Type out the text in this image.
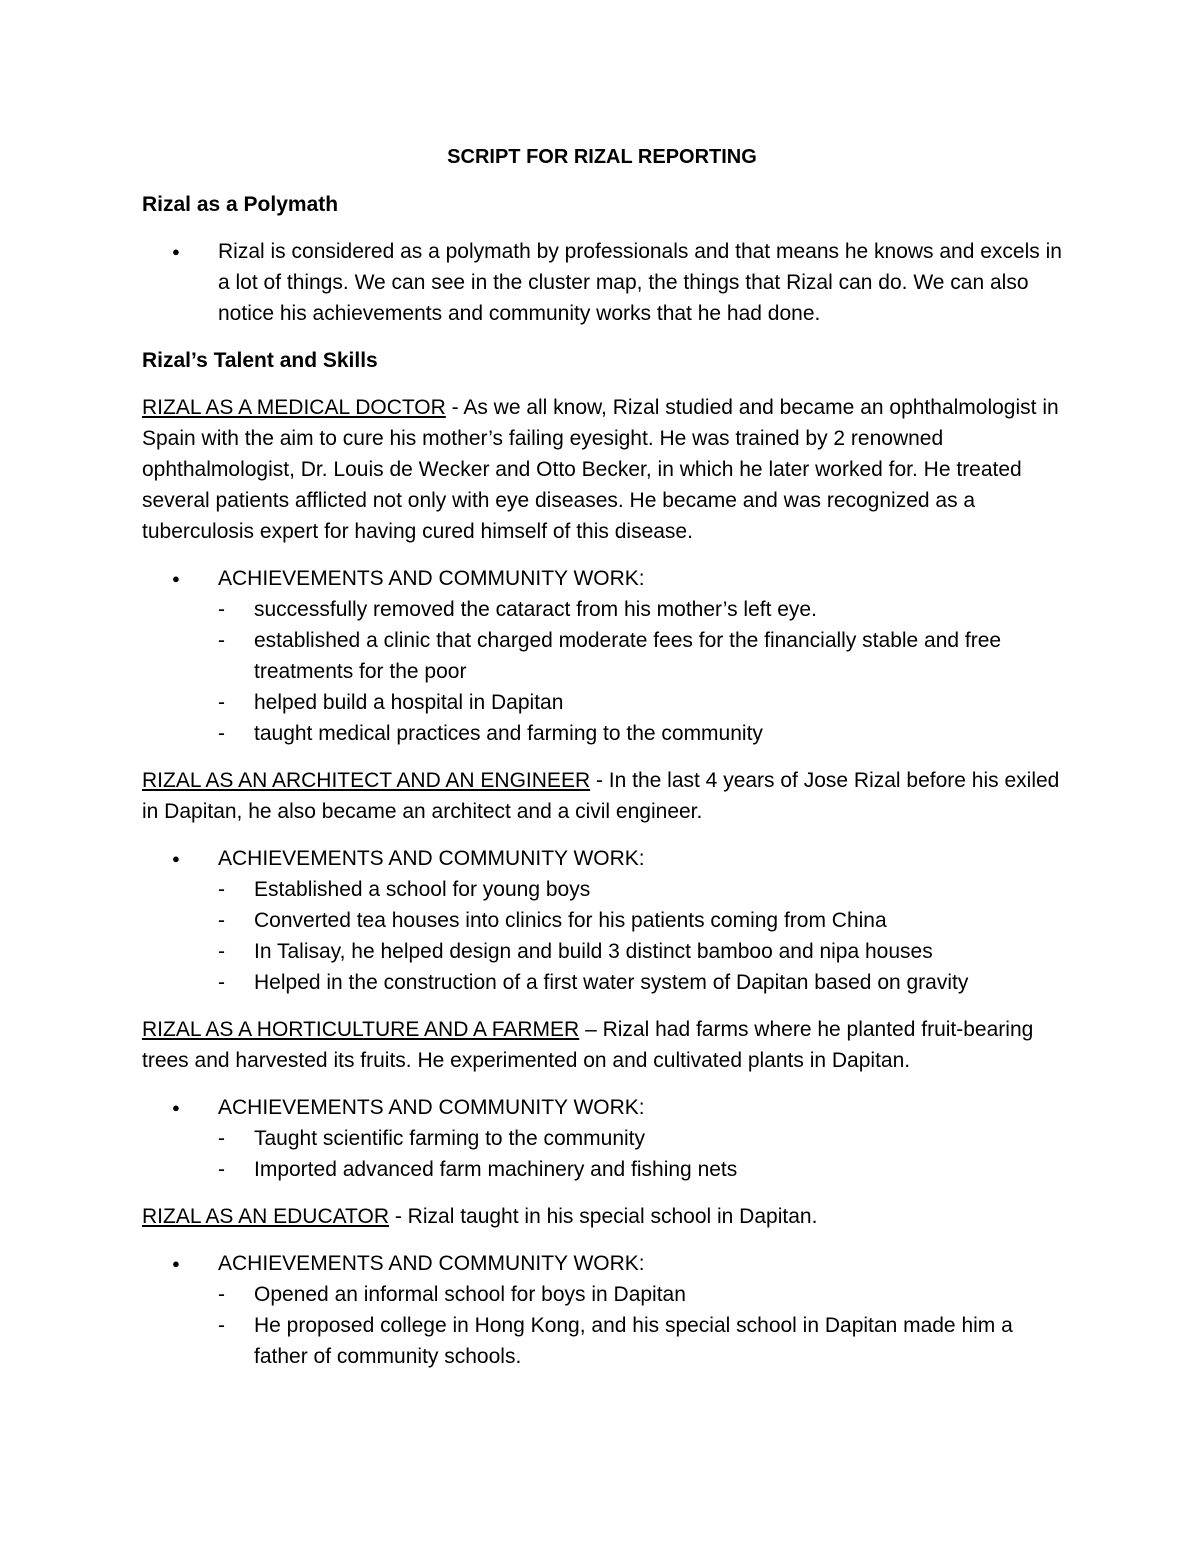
SCRIPT FOR RIZAL REPORTING
Rizal as a Polymath
● Rizal is considered as a polymath by professionals and that means he knows and excels in a lot of things. We can see in the cluster map, the things that Rizal can do. We can also notice his achievements and community works that he had done.
Rizal’s Talent and Skills

RIZAL AS A MEDICAL DOCTOR - As we all know, Rizal studied and became an ophthalmologist in Spain with the aim to cure his mother’s failing eyesight. He was trained by 2 renowned ophthalmologist, Dr. Louis de Wecker and Otto Becker, in which he later worked for. He treated several patients afflicted not only with eye diseases. He became and was recognized as a tuberculosis expert for having cured himself of this disease.

● ACHIEVEMENTS AND COMMUNITY WORK:
- successfully removed the cataract from his mother’s left eye.
- established a clinic that charged moderate fees for the financially stable and free treatments for the poor
- helped build a hospital in Dapitan
- taught medical practices and farming to the community

RIZAL AS AN ARCHITECT AND AN ENGINEER - In the last 4 years of Jose Rizal before his exiled in Dapitan, he also became an architect and a civil engineer.

● ACHIEVEMENTS AND COMMUNITY WORK:
- Established a school for young boys
- Converted tea houses into clinics for his patients coming from China
- In Talisay, he helped design and build 3 distinct bamboo and nipa houses
- Helped in the construction of a first water system of Dapitan based on gravity

RIZAL AS A HORTICULTURE AND A FARMER – Rizal had farms where he planted fruit-bearing trees and harvested its fruits. He experimented on and cultivated plants in Dapitan.

● ACHIEVEMENTS AND COMMUNITY WORK:
- Taught scientific farming to the community
- Imported advanced farm machinery and fishing nets

RIZAL AS AN EDUCATOR - Rizal taught in his special school in Dapitan.

● ACHIEVEMENTS AND COMMUNITY WORK:
- Opened an informal school for boys in Dapitan
- He proposed college in Hong Kong, and his special school in Dapitan made him a father of community schools.
